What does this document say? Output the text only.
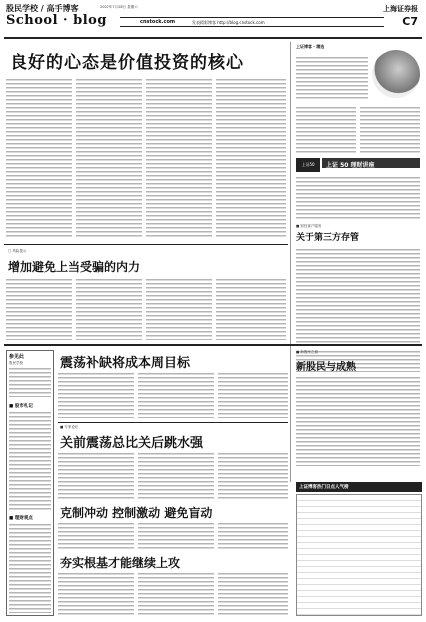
股民学校 / 高手博客	2007年7月28日 星期六	上海证券报
School · blog	cnstock.com	发表精彩博客 http://blog.cnstock.com	C7
良好的心态是价值投资的核心
上证博客 · 精选
上证50	上证 50 理财讲座
■ 财经客户服务
关于第三方存管
□ 风险提示
增加避免上当受骗的内力
参见此
股民学校
■ 股市札记
■ 理财观点
震荡补缺将成本周目标
■ 新股民之窗
新股民与成熟
■ 专家论坛
关前震荡总比关后跳水强
克制冲动 控制激动 避免盲动
夯实根基才能继续上攻
上证博客热门日点人气榜
